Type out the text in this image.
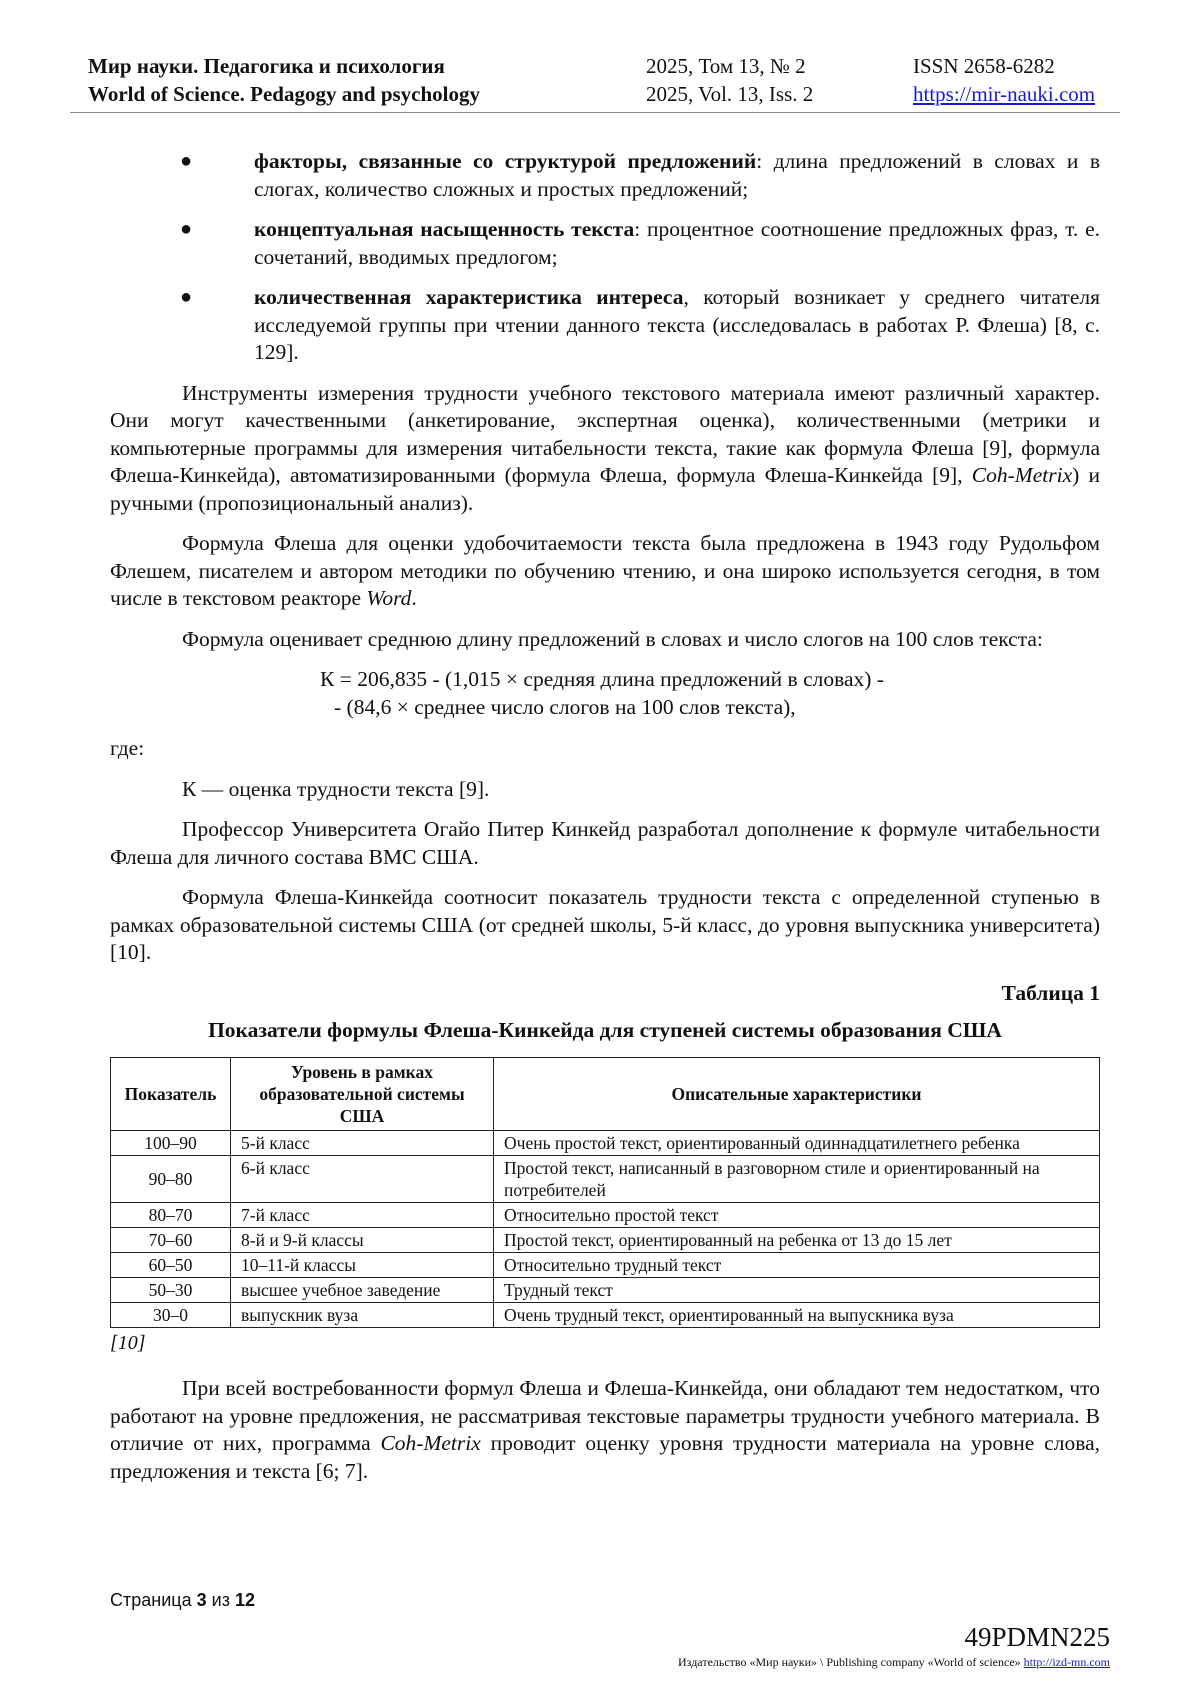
Мир науки. Педагогика и психология
World of Science. Pedagogy and psychology
2025, Том 13, № 2
2025, Vol. 13, Iss. 2
ISSN 2658-6282
https://mir-nauki.com
●	факторы, связанные со структурой предложений: длина предложений в словах и в слогах, количество сложных и простых предложений;
●	концептуальная насыщенность текста: процентное соотношение предложных фраз, т. е. сочетаний, вводимых предлогом;
●	количественная характеристика интереса, который возникает у среднего читателя исследуемой группы при чтении данного текста (исследовалась в работах Р. Флеша) [8, с. 129].

Инструменты измерения трудности учебного текстового материала имеют различный характер. Они могут качественными (анкетирование, экспертная оценка), количественными (метрики и компьютерные программы для измерения читабельности текста, такие как формула Флеша [9], формула Флеша-Кинкейда), автоматизированными (формула Флеша, формула Флеша-Кинкейда [9], Coh-Metrix) и ручными (пропозициональный анализ).

Формула Флеша для оценки удобочитаемости текста была предложена в 1943 году Рудольфом Флешем, писателем и автором методики по обучению чтению, и она широко используется сегодня, в том числе в текстовом реакторе Word.

Формула оценивает среднюю длину предложений в словах и число слогов на 100 слов текста:

К = 206,835 - (1,015 × средняя длина предложений в словах) -
- (84,6 × среднее число слогов на 100 слов текста),

где:

К — оценка трудности текста [9].

Профессор Университета Огайо Питер Кинкейд разработал дополнение к формуле читабельности Флеша для личного состава ВМС США.

Формула Флеша-Кинкейда соотносит показатель трудности текста с определенной ступенью в рамках образовательной системы США (от средней школы, 5-й класс, до уровня выпускника университета) [10].

Таблица 1
Показатели формулы Флеша-Кинкейда для ступеней системы образования США
Показатель	Уровень в рамках образовательной системы США	Описательные характеристики
100–90	5-й класс	Очень простой текст, ориентированный одиннадцатилетнего ребенка
90–80	6-й класс	Простой текст, написанный в разговорном стиле и ориентированный на потребителей
80–70	7-й класс	Относительно простой текст
70–60	8-й и 9-й классы	Простой текст, ориентированный на ребенка от 13 до 15 лет
60–50	10–11-й классы	Относительно трудный текст
50–30	высшее учебное заведение	Трудный текст
30–0	выпускник вуза	Очень трудный текст, ориентированный на выпускника вуза
[10]

При всей востребованности формул Флеша и Флеша-Кинкейда, они обладают тем недостатком, что работают на уровне предложения, не рассматривая текстовые параметры трудности учебного материала. В отличие от них, программа Coh-Metrix проводит оценку уровня трудности материала на уровне слова, предложения и текста [6; 7].

Страница 3 из 12
49PDMN225
Издательство «Мир науки» \ Publishing company «World of science» http://izd-mn.com
